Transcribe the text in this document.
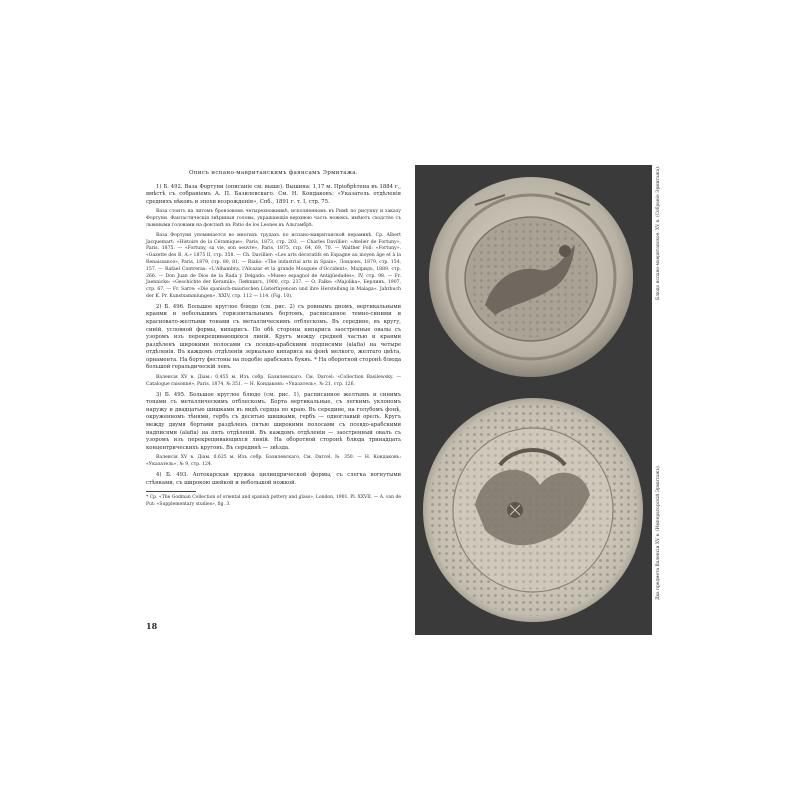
Описъ испано-мавританскимъ фаянсамъ Эрмитажа.

1) Б. 492. Ваза Фортуни (описаніе см. выше). Вышина: 1,17 м. Пріобрѣтена въ 1884 г., вмѣстѣ съ собраніемъ А. П. Базилевскаго. См. Н. Кондаковъ: «Указатель отдѣленія среднихъ вѣковъ и эпохи возрожденія», Спб., 1891 г. т. I, стр. 75.

Ваза стоитъ на литомъ бронзовомъ четырехножникѣ, исполненномъ въ Римѣ по рисунку и заказу Фортуни. Фантастическія звѣриныя головы, украшающія верхнюю часть ножекъ, имѣютъ сходство съ львиными головами на фонтанѣ въ Patio de los Leones въ Альгамбрѣ.

Ваза Фортуни упоминается во многихъ трудахъ по испано-мавританской керамикѣ. Ср. Albert Jacquemart: «Histoire de la Céramique», Paris, 1873, стр. 203. — Charles Davillier: «Atelier de Fortuny», Paris, 1875. — «Fortuny, sa vie, son oeuvre», Paris, 1875, стр. 64, 69, 70. — Walther Foll: «Fortuny». «Gazette des B. A.» 1875 II, стр. 358. — Ch. Davillier: «Les arts décoratifs en Espagne au moyen âge et à la Renaissance», Paris, 1879, стр. 80, 81. — Riaño: «The industrial arts in Spain», Лондонъ, 1879, стр. 154, 157. — Rafael Contreras: «L'Alhambra, l'Alcazar et la grande Mosquée d'Occident», Мадридъ, 1889, стр. 266. — Don Juan de Dios de la Rada y Delgado: «Museo espagnol de Antigüedades», IV, стр. 98. — Fr. Jaennicke: «Geschichte der Keramik», Лейпцигъ, 1900, стр. 237. — O. Falke: «Majolika», Берлинъ, 1907, стр. 67. — Fr. Sarre: «Die spanisch-maurischen Lüsterfayencen und ihre Herstellung in Malaga». Jahrbuch der K. Pr. Kunstsammlungen», XXIV, стр. 112 — 114. (Fig. 10).

2) Б. 496. Большое круглое блюдо (см. рис. 2) съ ровнымъ дномъ, вертикальными краями и небольшимъ горизонтальнымъ бортомъ, расписанное темно-синими и красновато-желтыми тонами съ металлическимъ отблескомъ. Въ середине, въ кругу, синій, условной формы, кипарисъ. По обѣ стороны кипариса заостренные овалы съ узоромъ изъ перекрещивающихся линій. Кругъ между средней частью и краями раздѣленъ широкими полосами съ псевдо-арабскими подписями (alafia) на четыре отдѣленія. Въ каждомъ отдѣленіи зеркально кипариса на фонѣ мелкого, желтаго цвѣта, орнамента. На борту фестоны на подобіе арабскихъ буквъ. * На оборотной сторонѣ блюда большой геральдическій левъ.

Валенсія XV в. Діам.: 0,455 м. Изъ собр. Базилевскаго. См. Darcel: «Collection Basilewsky. — Catalogue raisonné», Paris, 1874, № 351. — Н. Кондаковъ: «Указатель», № 21, стр. 126.

3) Б. 495. Большое круглое блюдо (см. рис. 1), расписанное желтымъ и синимъ тонами съ металлическимъ отблескомъ. Борта вертикальные, съ легкимъ уклономъ наружу и двадцатью шишками въ видѣ сердца по краю. Въ середине, на голубомъ фонѣ, окруженномъ тѣнями, гербъ съ десятью шишками, гербъ — одноглавый орелъ. Кругъ между двумя бортами раздѣленъ пятью широкими полосами съ псевдо-арабскими надписями (alafia) на пять отдѣленій. Въ каждомъ отдѣленіи — заостренный овалъ съ узоромъ изъ перекрещивающихся линій. На оборотной сторонѣ блюда тринадцать концентрическихъ круговъ. Въ серединѣ — звѣзда.

Валенсія XV в. Діам. 0,625 м. Изъ собр. Базилевскаго. См. Darcel. № 350. — Н. Кондаковъ: «Указатель», № 9, стр. 124.

4) Б. 493. Аптекарская кружка цилиндрической формы, съ слегка вогнутыми стѣнками, съ широкою шейкой и небольшой ножкой.

* Ср. «The Godman Collection of oriental and spanish pottery and glass», London, 1901. Pl. XXVII. — A. van de Put: «Supplementary studies», fig. 3.

18
Блюдо испано-мавританское. XV в. (Собраніе Эрмитажа).
Два предмета Валенсіи XV в. (Императорскій Эрмитажъ).
